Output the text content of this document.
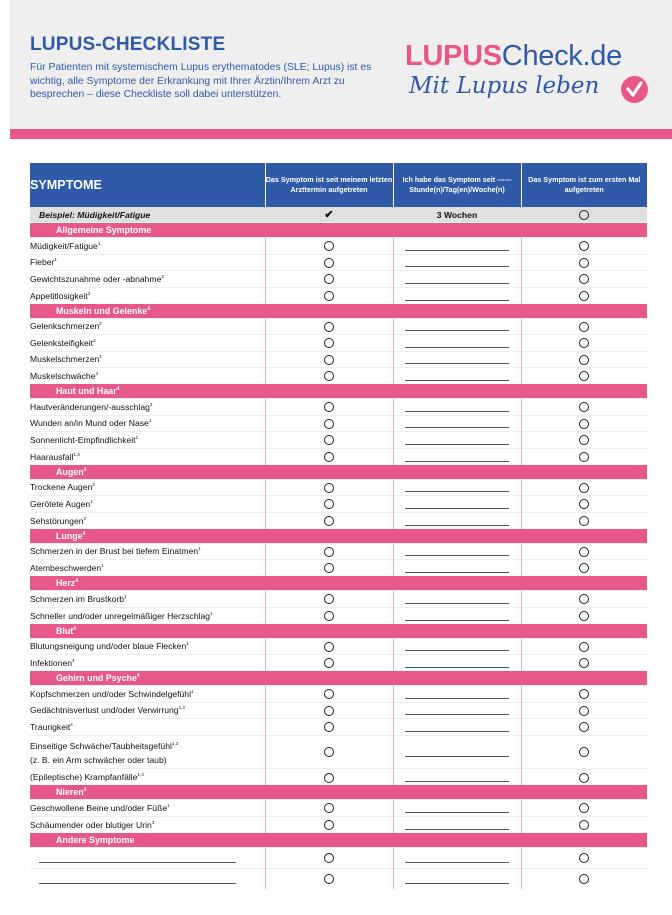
LUPUS-CHECKLISTE

Für Patienten mit systemischem Lupus erythematodes (SLE; Lupus) ist es wichtig, alle Symptome der Erkrankung mit Ihrer Ärztin/Ihrem Arzt zu besprechen – diese Checkliste soll dabei unterstützen.

LUPUSCheck.de
Mit Lupus leben
SYMPTOME	Das Symptom ist seit meinem letzten Arzttermin aufgetreten	Ich habe das Symptom seit ------ Stunde(n)/Tag(en)/Woche(n)	Das Symptom ist zum ersten Mal aufgetreten
Beispiel: Müdigkeit/Fatigue	✔	3 Wochen	
Allgemeine Symptome			
Müdigkeit/Fatigue$^1$		

Fieber$^1$		

Gewichtszunahme oder -abnahme$^2$		

Appetitlosigkeit$^2$		

Muskeln und Gelenke$^4$
Gelenkschmerzen$^2$		

Gelenksteifigkeit$^2$		

Muskelschmerzen$^1$		

Muskelschwäche$^3$		

Haut und Haar$^4$
Hautveränderungen/-ausschlag$^3$		

Wunden an/in Mund oder Nase$^1$		

Sonnenlicht-Empfindlichkeit$^1$		

Haarausfall$^{1,3}$		

Augen$^4$
Trockene Augen$^2$		

Gerötete Augen$^1$		

Sehstörungen$^3$		

Lunge$^4$
Schmerzen in der Brust bei tiefem Einatmen$^1$		

Atembeschwerden$^1$		

Herz$^4$
Schmerzen im Brustkorb$^1$		

Schneller und/oder unregelmäßiger Herzschlag$^1$		

Blut$^4$
Blutungsneigung und/oder blaue Flecken$^1$		

Infektionen$^4$		

Gehirn und Psyche$^4$
Kopfschmerzen und/oder Schwindelgefühl$^1$		

Gedächtnisverlust und/oder Verwirrung$^{1,3}$		

Traurigkeit$^4$		

Einseitige Schwäche/Taubheitsgefühl$^{1,3}$
(z. B. ein Arm schwächer oder taub)		

(Epileptische) Krampfanfälle$^{1,3}$		

Nieren$^4$
Geschwollene Beine und/oder Füße$^1$		

Schäumender oder blutiger Urin$^3$		

Andere Symptome			
